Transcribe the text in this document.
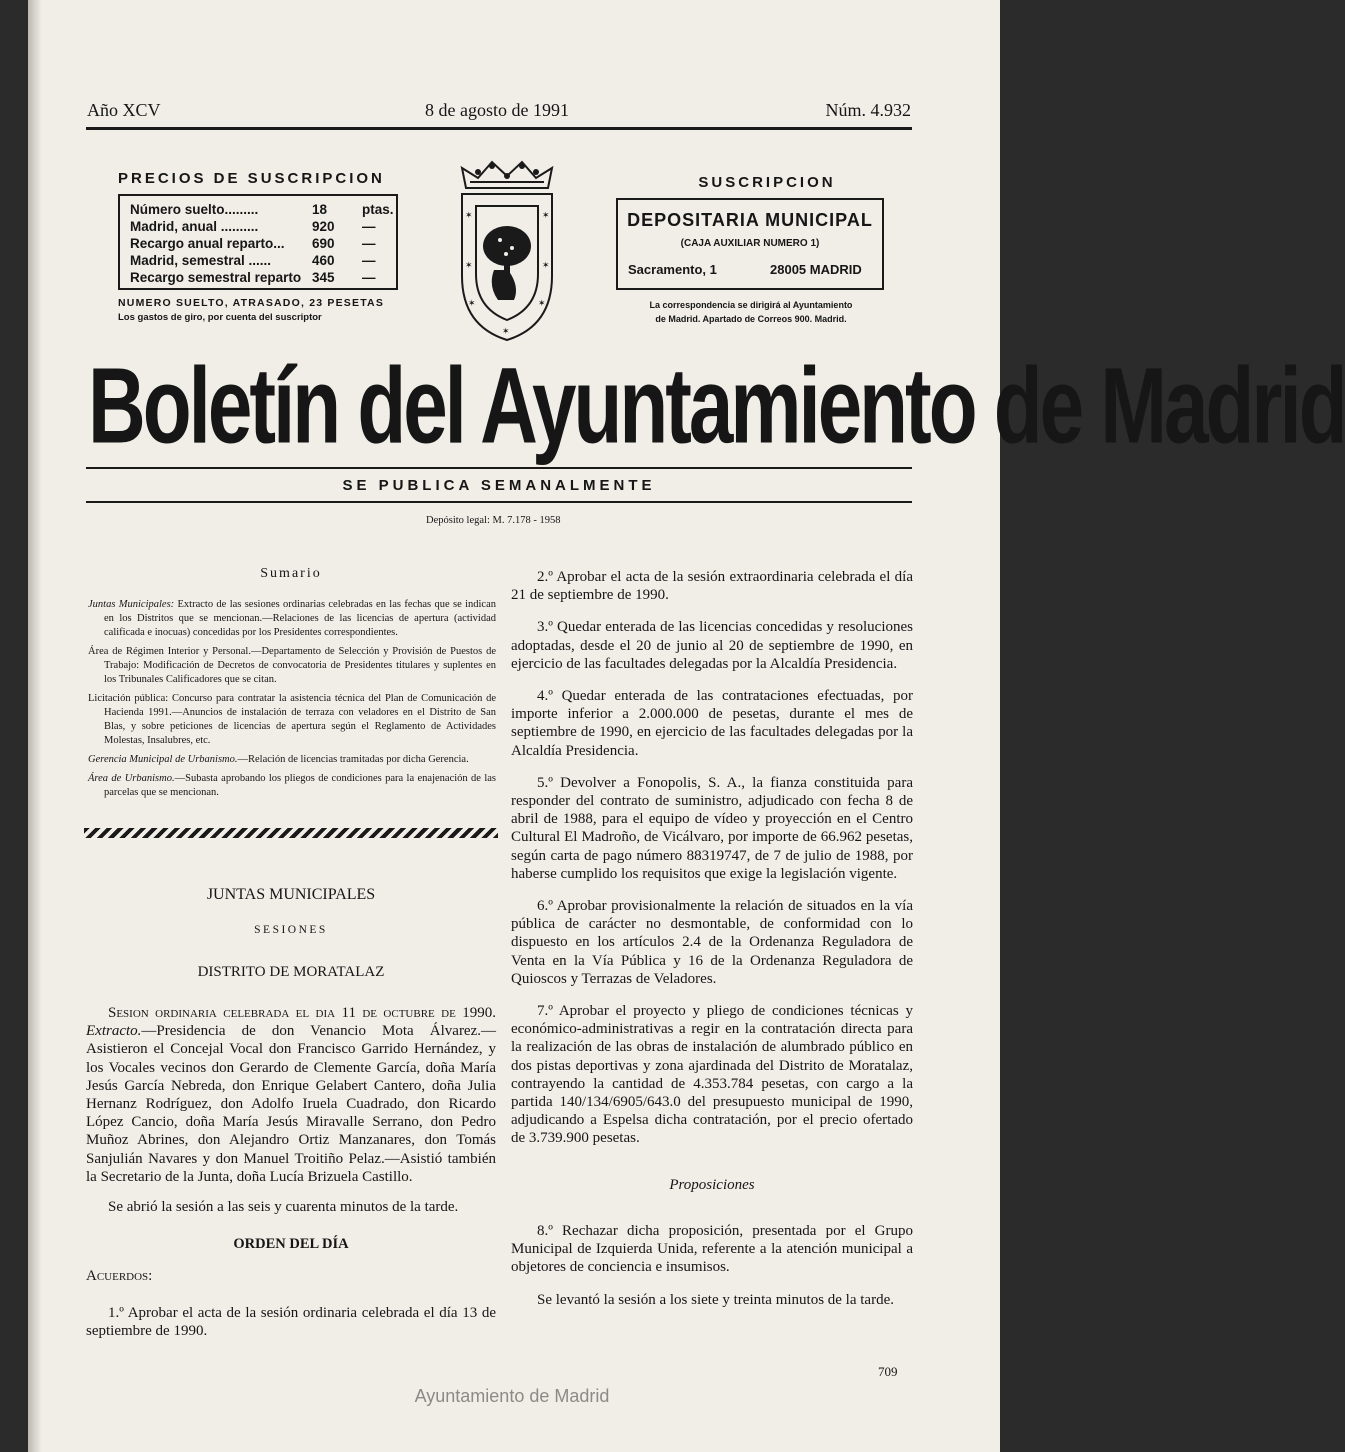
Año XCV	8 de agosto de 1991	Núm. 4.932
PRECIOS DE SUSCRIPCION
Número suelto.........	18	ptas.
Madrid, anual ..........	920 —
Recargo anual reparto... 690 —
Madrid, semestral ......	460 —
Recargo semestral reparto 345 —
NUMERO SUELTO, ATRASADO, 23 PESETAS
Los gastos de giro, por cuenta del suscriptor
✶	✶
✶	✶
✶	✶
✶
SUSCRIPCION
DEPOSITARIA MUNICIPAL
(CAJA AUXILIAR NUMERO 1)
Sacramento, 1	28005 MADRID
La correspondencia se dirigirá al Ayuntamiento
de Madrid. Apartado de Correos 900. Madrid.
Boletín del Ayuntamiento de Madrid
SE PUBLICA SEMANALMENTE
Depósito legal: M. 7.178 - 1958
Sumario

Juntas Municipales: Extracto de las sesiones ordinarias celebradas en las fechas que se indican en los Distritos que se mencionan.—Relaciones de las licencias de apertura (actividad calificada e inocuas) concedidas por los Presidentes correspondientes.

Área de Régimen Interior y Personal.—Departamento de Selección y Provisión de Puestos de Trabajo: Modificación de Decretos de convocatoria de Presidentes titulares y suplentes en los Tribunales Calificadores que se citan.

Licitación pública: Concurso para contratar la asistencia técnica del Plan de Comunicación de Hacienda 1991.—Anuncios de instalación de terraza con veladores en el Distrito de San Blas, y sobre peticiones de licencias de apertura según el Reglamento de Actividades Molestas, Insalubres, etc.

Gerencia Municipal de Urbanismo.—Relación de licencias tramitadas por dicha Gerencia.

Área de Urbanismo.—Subasta aprobando los pliegos de condiciones para la enajenación de las parcelas que se mencionan.

JUNTAS MUNICIPALES
SESIONES
DISTRITO DE MORATALAZ

Sesion ordinaria celebrada el dia 11 de octubre de 1990. Extracto.—Presidencia de don Venancio Mota Álvarez.—Asistieron el Concejal Vocal don Francisco Garrido Hernández, y los Vocales vecinos don Gerardo de Clemente García, doña María Jesús García Nebreda, don Enrique Gelabert Cantero, doña Julia Hernanz Rodríguez, don Adolfo Iruela Cuadrado, don Ricardo López Cancio, doña María Jesús Miravalle Serrano, don Pedro Muñoz Abrines, don Alejandro Ortiz Manzanares, don Tomás Sanjulián Navares y don Manuel Troitiño Pelaz.—Asistió también la Secretario de la Junta, doña Lucía Brizuela Castillo.

Se abrió la sesión a las seis y cuarenta minutos de la tarde.

ORDEN DEL DÍA
Acuerdos:

1.º Aprobar el acta de la sesión ordinaria celebrada el día 13 de septiembre de 1990.

2.º Aprobar el acta de la sesión extraordinaria celebrada el día 21 de septiembre de 1990.

3.º Quedar enterada de las licencias concedidas y resoluciones adoptadas, desde el 20 de junio al 20 de septiembre de 1990, en ejercicio de las facultades delegadas por la Alcaldía Presidencia.

4.º Quedar enterada de las contrataciones efectuadas, por importe inferior a 2.000.000 de pesetas, durante el mes de septiembre de 1990, en ejercicio de las facultades delegadas por la Alcaldía Presidencia.

5.º Devolver a Fonopolis, S. A., la fianza constituida para responder del contrato de suministro, adjudicado con fecha 8 de abril de 1988, para el equipo de vídeo y proyección en el Centro Cultural El Madroño, de Vicálvaro, por importe de 66.962 pesetas, según carta de pago número 88319747, de 7 de julio de 1988, por haberse cumplido los requisitos que exige la legislación vigente.

6.º Aprobar provisionalmente la relación de situados en la vía pública de carácter no desmontable, de conformidad con lo dispuesto en los artículos 2.4 de la Ordenanza Reguladora de Venta en la Vía Pública y 16 de la Ordenanza Reguladora de Quioscos y Terrazas de Veladores.

7.º Aprobar el proyecto y pliego de condiciones técnicas y económico-administrativas a regir en la contratación directa para la realización de las obras de instalación de alumbrado público en dos pistas deportivas y zona ajardinada del Distrito de Moratalaz, contrayendo la cantidad de 4.353.784 pesetas, con cargo a la partida 140/134/6905/643.0 del presupuesto municipal de 1990, adjudicando a Espelsa dicha contratación, por el precio ofertado de 3.739.900 pesetas.

Proposiciones

8.º Rechazar dicha proposición, presentada por el Grupo Municipal de Izquierda Unida, referente a la atención municipal a objetores de conciencia e insumisos.

Se levantó la sesión a los siete y treinta minutos de la tarde.

709
Ayuntamiento de Madrid
